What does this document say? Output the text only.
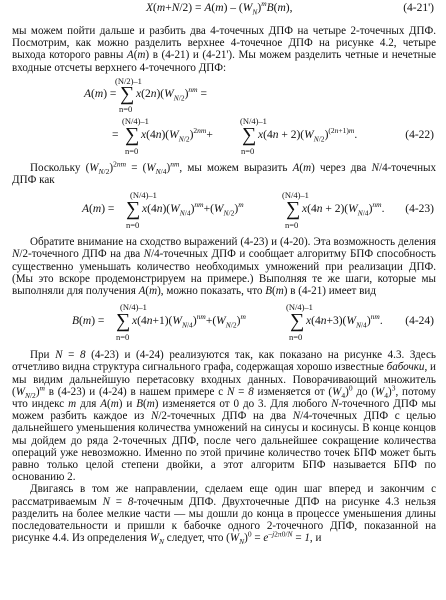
$X(m+N/2) = A(m) - (W_N)^mB(m)$,	(4-21')

мы можем пойти дальше и разбить два 4-точечных ДПФ на четыре 2-точечных ДПФ. Посмотрим, как можно разделить верхнее 4-точечное ДПФ на рисунке 4.2, четыре выхода которого равны A(m) в (4-21) и (4-21'). Мы можем разделить четные и нечетные входные отсчеты верхнего 4-точечного ДПФ:

(N/2)–1
A(m) = ∑ $x(2n)(W_{N/2})^{nm}$ =
n=0
(N/4)–1	(N/4)–1
= ∑ $x(4n)(W_{N/2})^{2nm}+$ ∑ $x(4n + 2)(W_{N/2})^{(2n+1)m}$.
n=0	n=0
(4-22)

Поскольку $(W_{N/2})^{2nm} = (W_{N/4})^{nm}$, мы можем выразить A(m) через два N/4-точечных ДПФ как

(N/4)–1	(N/4)–1
A(m) = ∑ $x(4n)(W_{N/4})^{nm}+(W_{N/2})^m$ ∑ $x(4n + 2)(W_{N/4})^{nm}$.
n=0	n=0
(4-23)

Обратите внимание на сходство выражений (4-23) и (4-20). Эта возможность деления N/2-точечного ДПФ на два N/4-точечных ДПФ и сообщает алгоритму БПФ способность существенно уменьшать количество необходимых умножений при реализации ДПФ. (Мы это вскоре продемонстрируем на примере.) Выполняя те же шаги, которые мы выполняли для получения A(m), можно показать, что B(m) в (4-21) имеет вид

(N/4)–1	(N/4)–1
B(m) = ∑ $x(4n+1)(W_{N/4})^{nm}+(W_{N/2})^m$ ∑ $x(4n+3)(W_{N/4})^{nm}$.
n=0	n=0
(4-24)

При N = 8 (4-23) и (4-24) реализуются так, как показано на рисунке 4.3. Здесь отчетливо видна структура сигнального графа, содержащая хорошо известные бабочки, и мы видим дальнейшую перетасовку входных данных. Поворачивающий множитель $(W_{N/2})^m$ в (4-23) и (4-24) в нашем примере с N = 8 изменяется от $(W_4)^0$ до $(W_4)^3$, потому что индекс m для A(m) и B(m) изменяется от 0 до 3. Для любого N-точечного ДПФ мы можем разбить каждое из N/2-точечных ДПФ на два N/4-точечных ДПФ с целью дальнейшего уменьшения количества умножений на синусы и косинусы. В конце концов мы дойдем до ряда 2-точечных ДПФ, после чего дальнейшее сокращение количества операций уже невозможно. Именно по этой причине количество точек БПФ может быть равно только целой степени двойки, а этот алгоритм БПФ называется БПФ по основанию 2.

Двигаясь в том же направлении, сделаем еще один шаг вперед и закончим с рассматриваемым N = 8-точечным ДПФ. Двухточечные ДПФ на рисунке 4.3 нельзя разделить на более мелкие части — мы дошли до конца в процессе уменьшения длины последовательности и пришли к бабочке одного 2-точечного ДПФ, показанной на рисунке 4.4. Из определения $W_N$ следует, что $(W_N)^0 = e^{-j2\pi 0/N} = 1$, и
